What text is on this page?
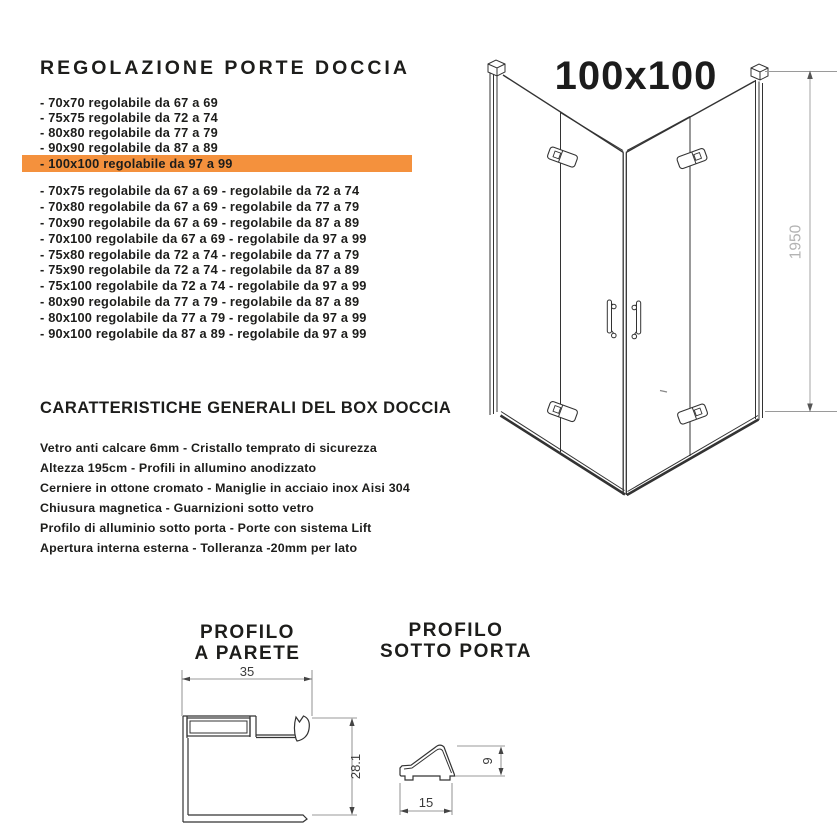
REGOLAZIONE PORTE DOCCIA
- 70x70 regolabile da 67 a 69
- 75x75 regolabile da 72 a 74
- 80x80 regolabile da 77 a 79
- 90x90 regolabile da 87 a 89
- 100x100 regolabile da 97 a 99
- 70x75 regolabile da 67 a 69 - regolabile da 72 a 74
- 70x80 regolabile da 67 a 69 - regolabile da 77 a 79
- 70x90 regolabile da 67 a 69 - regolabile da 87 a 89
- 70x100 regolabile da 67 a 69 - regolabile da 97 a 99
- 75x80 regolabile da 72 a 74 - regolabile da 77 a 79
- 75x90 regolabile da 72 a 74 - regolabile da 87 a 89
- 75x100 regolabile da 72 a 74 - regolabile da 97 a 99
- 80x90 regolabile da 77 a 79 - regolabile da 87 a 89
- 80x100 regolabile da 77 a 79 - regolabile da 97 a 99
- 90x100 regolabile da 87 a 89 - regolabile da 97 a 99
CARATTERISTICHE GENERALI DEL BOX DOCCIA
Vetro anti calcare 6mm - Cristallo temprato di sicurezza
Altezza 195cm - Profili in allumino anodizzato
Cerniere in ottone cromato - Maniglie in acciaio inox Aisi 304
Chiusura magnetica - Guarnizioni sotto vetro
Profilo di alluminio sotto porta - Porte con sistema Lift
Apertura interna esterna - Tolleranza -20mm per lato
100x100
1950
PROFILO
A PARETE
PROFILO
SOTTO PORTA
35
28.1	9
15
